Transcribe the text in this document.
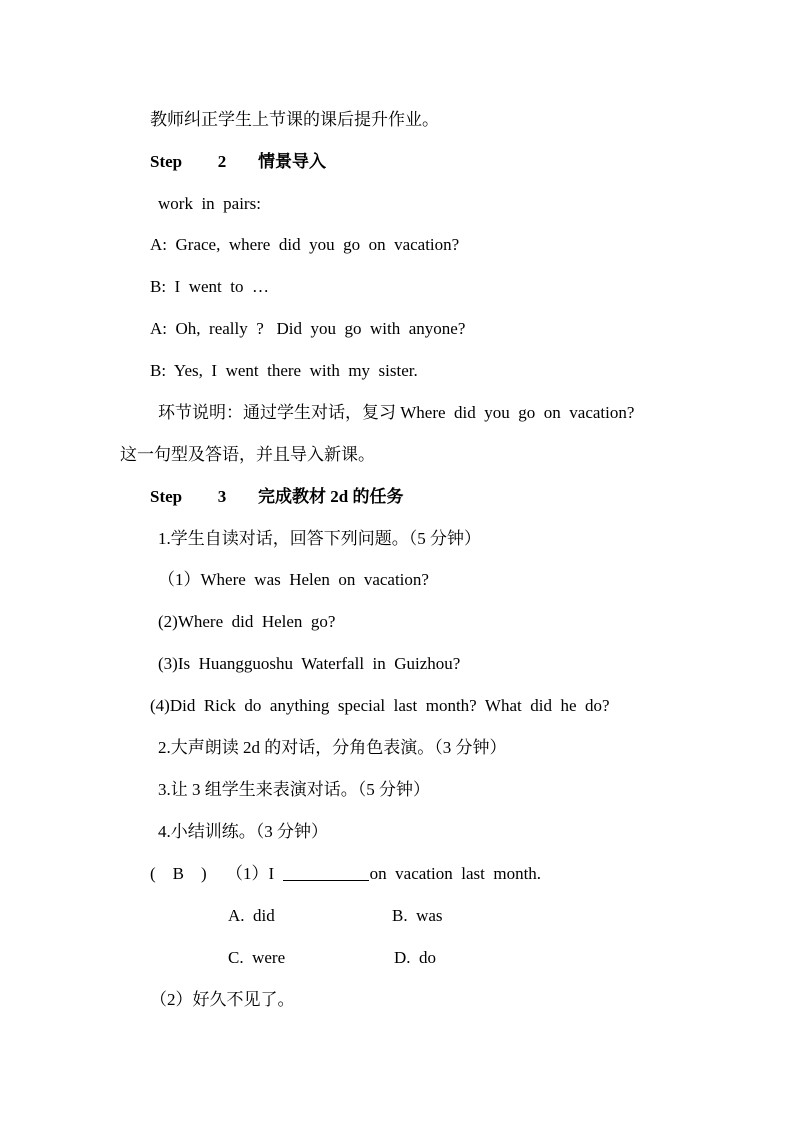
教师纠正学生上节课的课后提升作业。
Step 2 情景导入
work  in  pairs:
A:  Grace,  where  did  you  go  on  vacation?
B:  I  went  to  …
A:  Oh,  really  ?   Did  you  go  with  anyone?
B:  Yes,  I  went  there  with  my  sister.
环节说明：通过学生对话，复习 Where  did  you  go  on  vacation?
这一句型及答语，并且导入新课。
Step 3 完成教材 2d 的任务
1.学生自读对话，回答下列问题。（5 分钟）
（1）Where  was  Helen  on  vacation?
(2)Where  did  Helen  go?
(3)Is  Huangguoshu  Waterfall  in  Guizhou?
(4)Did  Rick  do  anything  special  last  month?  What  did  he  do?
2.大声朗读 2d 的对话，分角色表演。（3 分钟）
3.让 3 组学生来表演对话。（5 分钟）
4.小结训练。（3 分钟）
(    B    ) （1）I	on  vacation  last  month.
A.  did	B.  was
C.  were	D.  do
（2）好久不见了。
